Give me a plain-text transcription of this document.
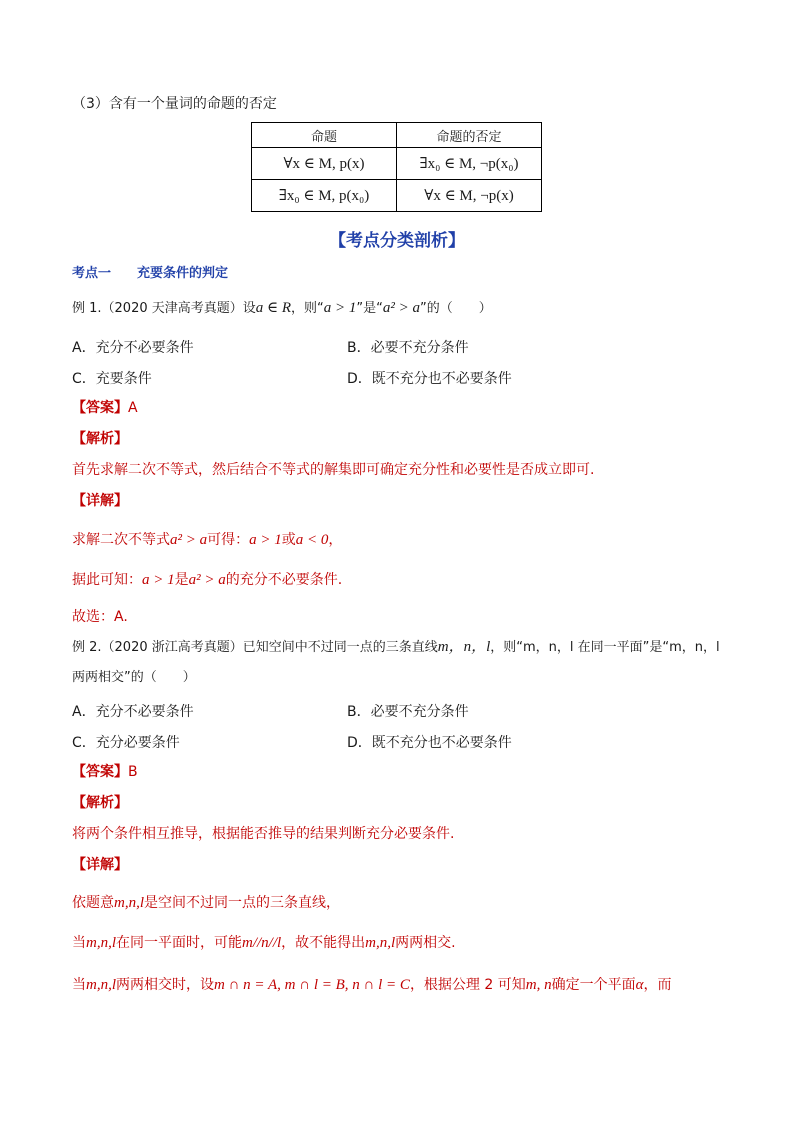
（3）含有一个量词的命题的否定
命题	命题的否定
∀x ∈ M, p(x)	∃x₀ ∈ M, ¬p(x₀)
∃x₀ ∈ M, p(x₀)	∀x ∈ M, ¬p(x)
【考点分类剖析】
考点一　　充要条件的判定
例 1.（2020 天津高考真题）设a ∈ R，则“a > 1”是“a² > a”的（　　）
A．充分不必要条件	B．必要不充分条件
C．充要条件	D．既不充分也不必要条件
【答案】A
【解析】
首先求解二次不等式，然后结合不等式的解集即可确定充分性和必要性是否成立即可.
【详解】
求解二次不等式a² > a可得：a > 1或a < 0，
据此可知：a > 1是a² > a的充分不必要条件.
故选：A.
例 2.（2020 浙江高考真题）已知空间中不过同一点的三条直线m，n，l，则“m，n，l 在同一平面”是“m，n，l
两两相交”的（　　）
A．充分不必要条件	B．必要不充分条件
C．充分必要条件	D．既不充分也不必要条件
【答案】B
【解析】
将两个条件相互推导，根据能否推导的结果判断充分必要条件.
【详解】
依题意m,n,l是空间不过同一点的三条直线，
当m,n,l在同一平面时，可能m//n//l，故不能得出m,n,l两两相交.
当m,n,l两两相交时，设m ∩ n = A, m ∩ l = B, n ∩ l = C，根据公理 2 可知m, n确定一个平面α，而
